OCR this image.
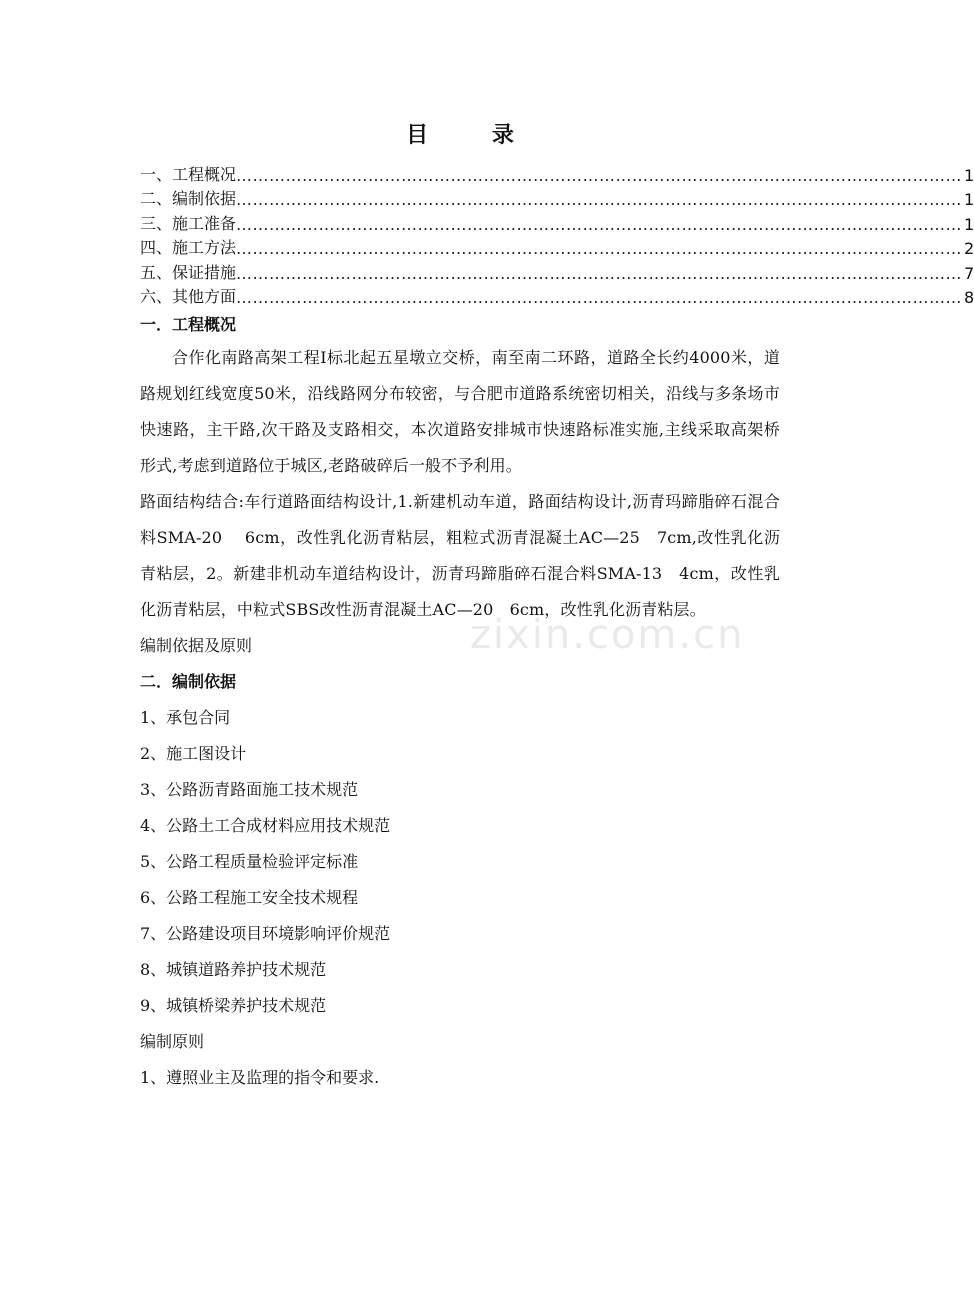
目 录
一、工程概况 …………………………………………………………………………………………………………………… 1
二、编制依据 …………………………………………………………………………………………………………………… 1
三、施工准备 …………………………………………………………………………………………………………………… 1
四、施工方法 …………………………………………………………………………………………………………………… 2
五、保证措施 …………………………………………………………………………………………………………………… 7
六、其他方面 …………………………………………………………………………………………………………………… 8
一．工程概况
合作化南路高架工程Ⅰ标北起五星墩立交桥，南至南二环路，道路全长约4000米，道路规划红线宽度50米，沿线路网分布较密，与合肥市道路系统密切相关，沿线与多条场市快速路，主干路,次干路及支路相交，本次道路安排城市快速路标准实施,主线采取高架桥形式,考虑到道路位于城区,老路破碎后一般不予利用。
路面结构结合:车行道路面结构设计,1.新建机动车道，路面结构设计,沥青玛蹄脂碎石混合料SMA-20　 6cm，改性乳化沥青粘层，粗粒式沥青混凝土AC—25　7cm,改性乳化沥青粘层，2。新建非机动车道结构设计，沥青玛蹄脂碎石混合料SMA-13　4cm，改性乳化沥青粘层，中粒式SBS改性沥青混凝土AC—20　6cm，改性乳化沥青粘层。
编制依据及原则
二．编制依据
1、承包合同
2、施工图设计
3、公路沥青路面施工技术规范
4、公路土工合成材料应用技术规范
5、公路工程质量检验评定标准
6、公路工程施工安全技术规程
7、公路建设项目环境影响评价规范
8、城镇道路养护技术规范
9、城镇桥梁养护技术规范
编制原则
1、遵照业主及监理的指令和要求.
zixin.com.cn
